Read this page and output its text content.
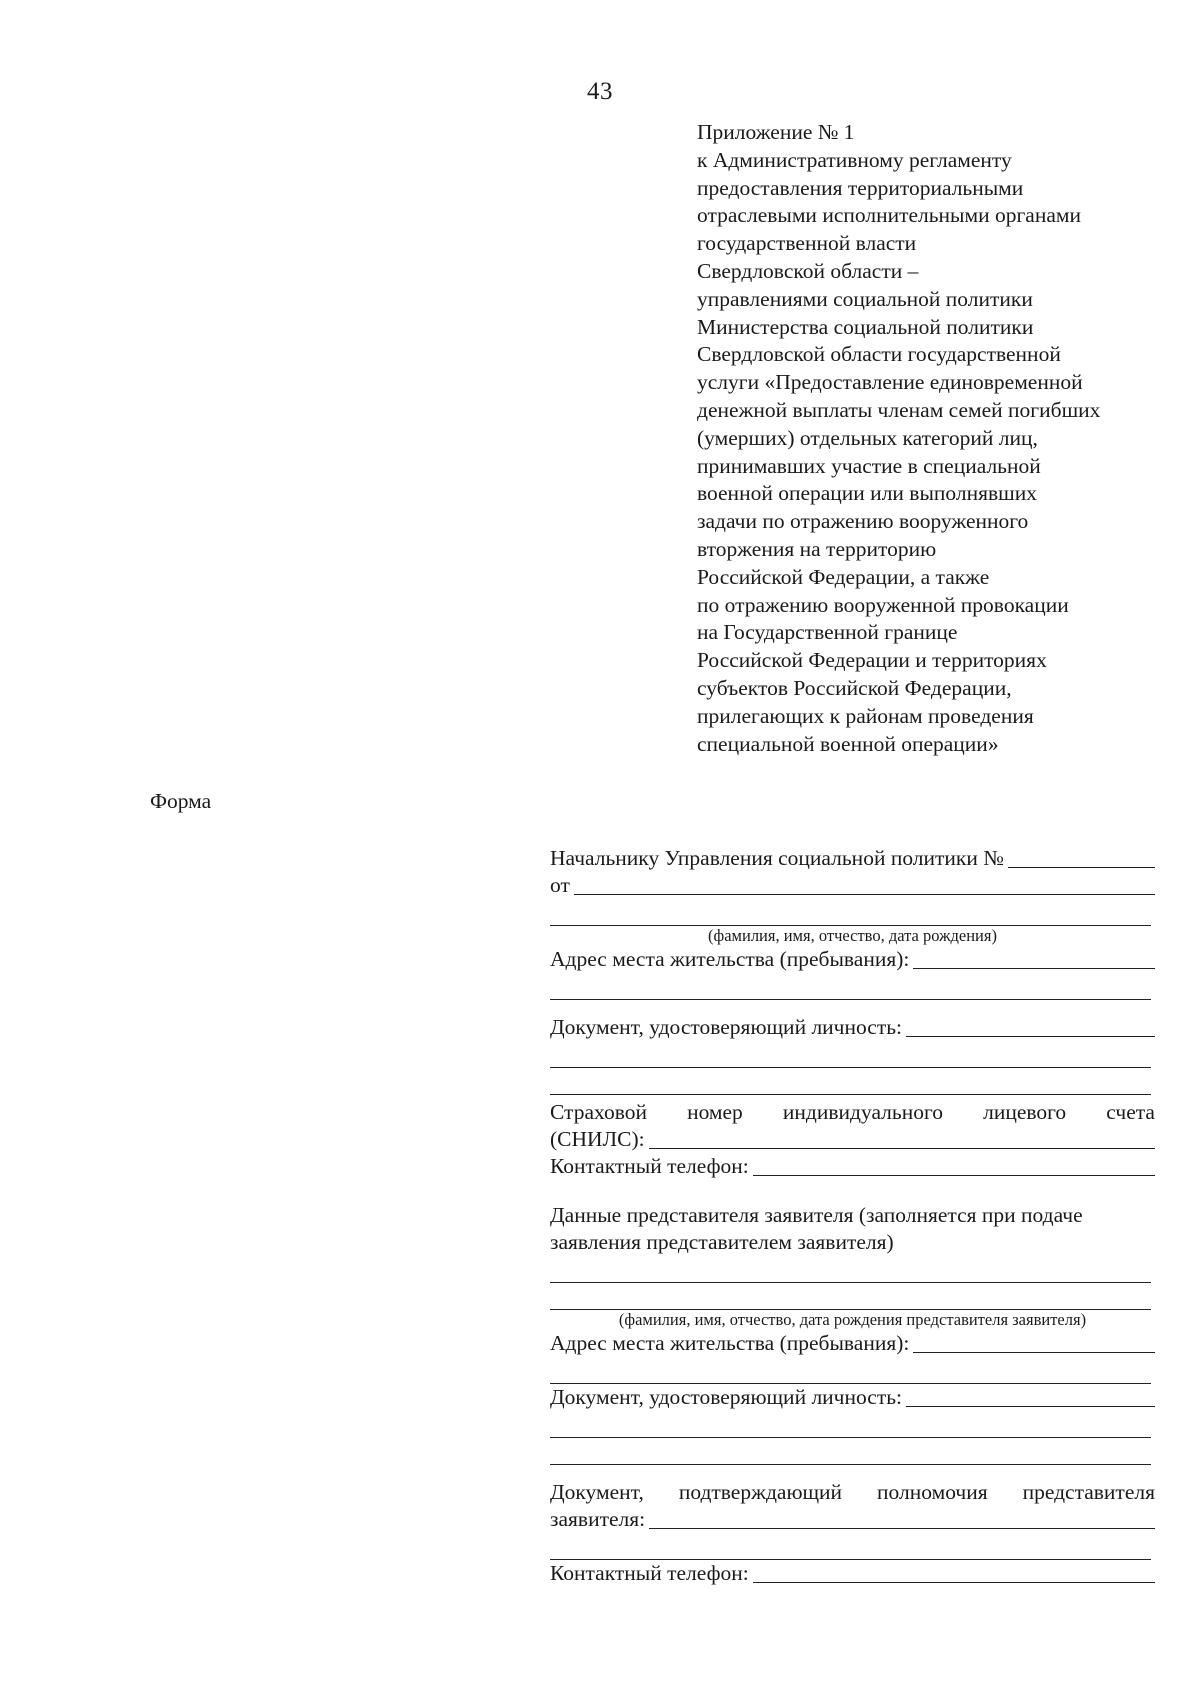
43
Приложение № 1
к Административному регламенту
предоставления территориальными
отраслевыми исполнительными органами
государственной власти
Свердловской области –
управлениями социальной политики
Министерства социальной политики
Свердловской области государственной
услуги «Предоставление единовременной
денежной выплаты членам семей погибших
(умерших) отдельных категорий лиц,
принимавших участие в специальной
военной операции или выполнявших
задачи по отражению вооруженного
вторжения на территорию
Российской Федерации, а также
по отражению вооруженной провокации
на Государственной границе
Российской Федерации и территориях
субъектов Российской Федерации,
прилегающих к районам проведения
специальной военной операции»
Форма
Начальнику Управления социальной политики №
от
(фамилия, имя, отчество, дата рождения)
Адрес места жительства (пребывания):
Документ, удостоверяющий личность:
Страховой номер индивидуального лицевого счета
(СНИЛС):
Контактный телефон:
Данные представителя заявителя (заполняется при подаче
заявления представителем заявителя)
(фамилия, имя, отчество, дата рождения представителя заявителя)
Адрес места жительства (пребывания):
Документ, удостоверяющий личность:
Документ, подтверждающий полномочия представителя
заявителя:
Контактный телефон:
